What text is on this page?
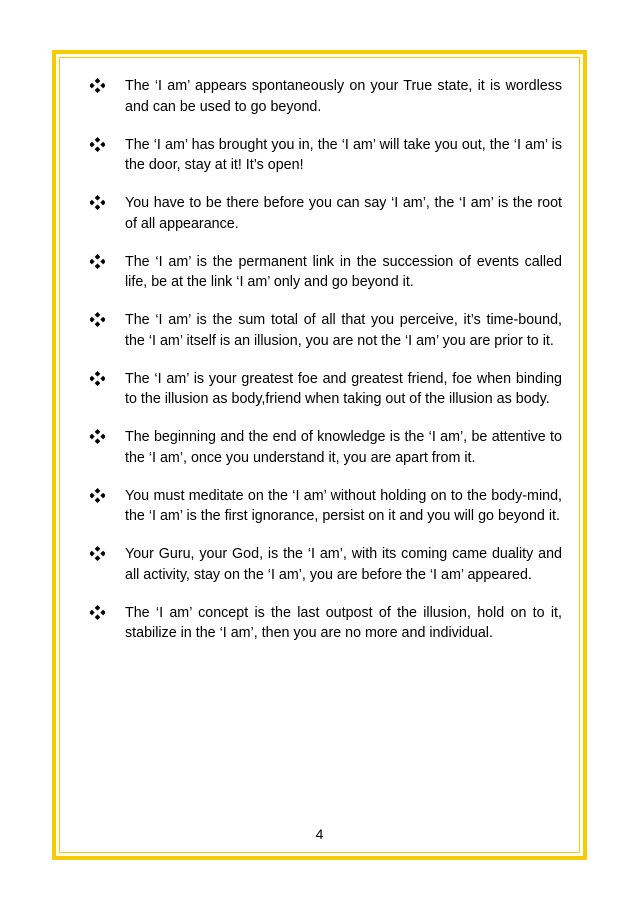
The ‘I am’ appears spontaneously on your True state, it is wordless and can be used to go beyond.

The ‘I am’ has brought you in, the ‘I am’ will take you out, the ‘I am’ is the door, stay at it! It’s open!

You have to be there before you can say ‘I am’, the ‘I am’ is the root of all appearance.

The ‘I am’ is the permanent link in the succession of events called life, be at the link ‘I am’ only and go beyond it.

The ‘I am’ is the sum total of all that you perceive, it’s time-bound, the ‘I am’ itself is an illusion, you are not the ‘I am’ you are prior to it.

The ‘I am’ is your greatest foe and greatest friend, foe when binding to the illusion as body,friend when taking out of the illusion as body.

The beginning and the end of knowledge is the ‘I am’, be attentive to the ‘I am’, once you understand it, you are apart from it.

You must meditate on the ‘I am’ without holding on to the body-mind, the ‘I am’ is the first ignorance, persist on it and you will go beyond it.

Your Guru, your God, is the ‘I am’, with its coming came duality and all activity, stay on the ‘I am’, you are before the ‘I am’ appeared.

The ‘I am’ concept is the last outpost of the illusion, hold on to it, stabilize in the ‘I am’, then you are no more and individual.

4
